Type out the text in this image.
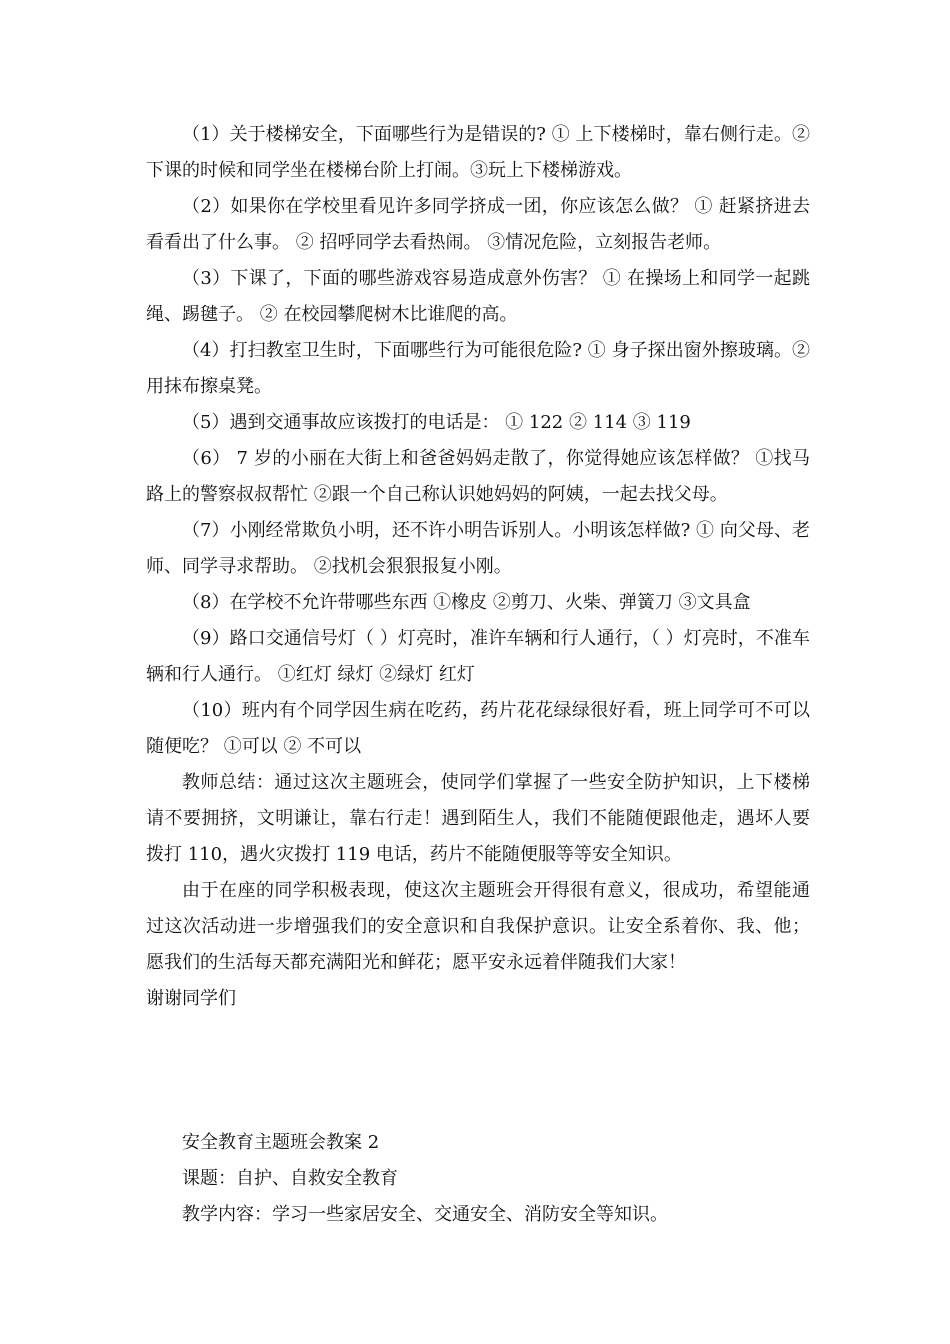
（1）关于楼梯安全，下面哪些行为是错误的? ① 上下楼梯时，靠右侧行走。②下课的时候和同学坐在楼梯台阶上打闹。③玩上下楼梯游戏。

（2）如果你在学校里看见许多同学挤成一团，你应该怎么做？ ① 赶紧挤进去看看出了什么事。 ② 招呼同学去看热闹。 ③情况危险，立刻报告老师。

（3）下课了，下面的哪些游戏容易造成意外伤害？ ① 在操场上和同学一起跳绳、踢毽子。 ② 在校园攀爬树木比谁爬的高。

（4）打扫教室卫生时，下面哪些行为可能很危险? ① 身子探出窗外擦玻璃。②用抹布擦桌凳。

（5）遇到交通事故应该拨打的电话是： ① 122 ② 114 ③ 119

（6） 7 岁的小丽在大街上和爸爸妈妈走散了，你觉得她应该怎样做？ ①找马路上的警察叔叔帮忙 ②跟一个自己称认识她妈妈的阿姨，一起去找父母。

（7）小刚经常欺负小明，还不许小明告诉别人。小明该怎样做? ① 向父母、老师、同学寻求帮助。 ②找机会狠狠报复小刚。

（8）在学校不允许带哪些东西 ①橡皮 ②剪刀、火柴、弹簧刀 ③文具盒

（9）路口交通信号灯（ ）灯亮时，准许车辆和行人通行，（ ）灯亮时，不准车辆和行人通行。 ①红灯 绿灯 ②绿灯 红灯

（10）班内有个同学因生病在吃药，药片花花绿绿很好看，班上同学可不可以随便吃？ ①可以 ② 不可以

教师总结：通过这次主题班会，使同学们掌握了一些安全防护知识，上下楼梯请不要拥挤，文明谦让，靠右行走！遇到陌生人，我们不能随便跟他走，遇坏人要拨打 110，遇火灾拨打 119 电话，药片不能随便服等等安全知识。

由于在座的同学积极表现，使这次主题班会开得很有意义，很成功，希望能通过这次活动进一步增强我们的安全意识和自我保护意识。让安全系着你、我、他；愿我们的生活每天都充满阳光和鲜花；愿平安永远着伴随我们大家！

谢谢同学们

安全教育主题班会教案 2

课题：自护、自救安全教育

教学内容：学习一些家居安全、交通安全、消防安全等知识。
